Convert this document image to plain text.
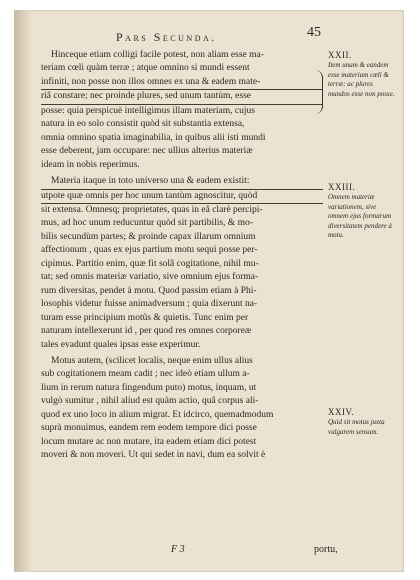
Pars Secunda.	45

Hinceque etiam colligi facile potest, non aliam esse ma-
teriam cœli quàm terræ ; atque omnino si mundi essent
infiniti, non posse non illos omnes ex una & eadem mate-
riâ constare; nec proinde plures, sed unum tantùm, esse
posse: quia perspicuè intelligimus illam materiam, cujus
natura in eo solo consistit quòd sit substantia extensa,
omnia omnino spatia imaginabilia, in quibus alii isti mundi
esse deberent, jam occupare: nec ullius alterius materiæ
ideam in nobis reperimus.

Materia itaque in toto universo una & eadem existit:
utpote quæ omnis per hoc unum tantùm agnoscitur, quòd
sit extensa. Omnesq; proprietates, quas in eâ clarè percipi-
mus, ad hoc unum reducuntur quòd sit partibilis, & mo-
bilis secundùm partes; & proinde capax illarum omnium
affectionum , quas ex ejus partium motu sequi posse per-
cipimus. Partitio enim, quæ fit solâ cogitatione, nihil mu-
tat; sed omnis materiæ variatio, sive omnium ejus forma-
rum diversitas, pendet à motu. Quod passim etiam à Phi-
losophis videtur fuisse animadversum ; quia dixerunt na-
turam esse principium motûs & quietis. Tunc enim per
naturam intellexerunt id , per quod res omnes corporeæ
tales evadunt quales ipsas esse experimur.

Motus autem, (scilicet localis, neque enim ullus alius
sub cogitationem meam cadit ; nec ideò etiam ullum a-
lium in rerum natura fingendum puto) motus, inquam, ut
vulgò sumitur , nihil aliud est quàm actio, quâ corpus ali-
quod ex uno loco in alium migrat. Et idcirco, quemadmodum
suprà monuimus, eandem rem eodem tempore dici posse
locum mutare ac non mutare, ita eadem etiam dici potest
moveri & non moveri. Ut qui sedet in navi, dum ea solvit è

XXII.
Item unam & eandem esse materiam cœli & terræ; ac plures mundos esse non posse.
XXIII.
Omnem materiæ variationem, sive omnem ejus formarum diversitatem pendere à motu.
XXIV.
Quid sit motus juxta vulgarem sensum.
F 3	portu,
